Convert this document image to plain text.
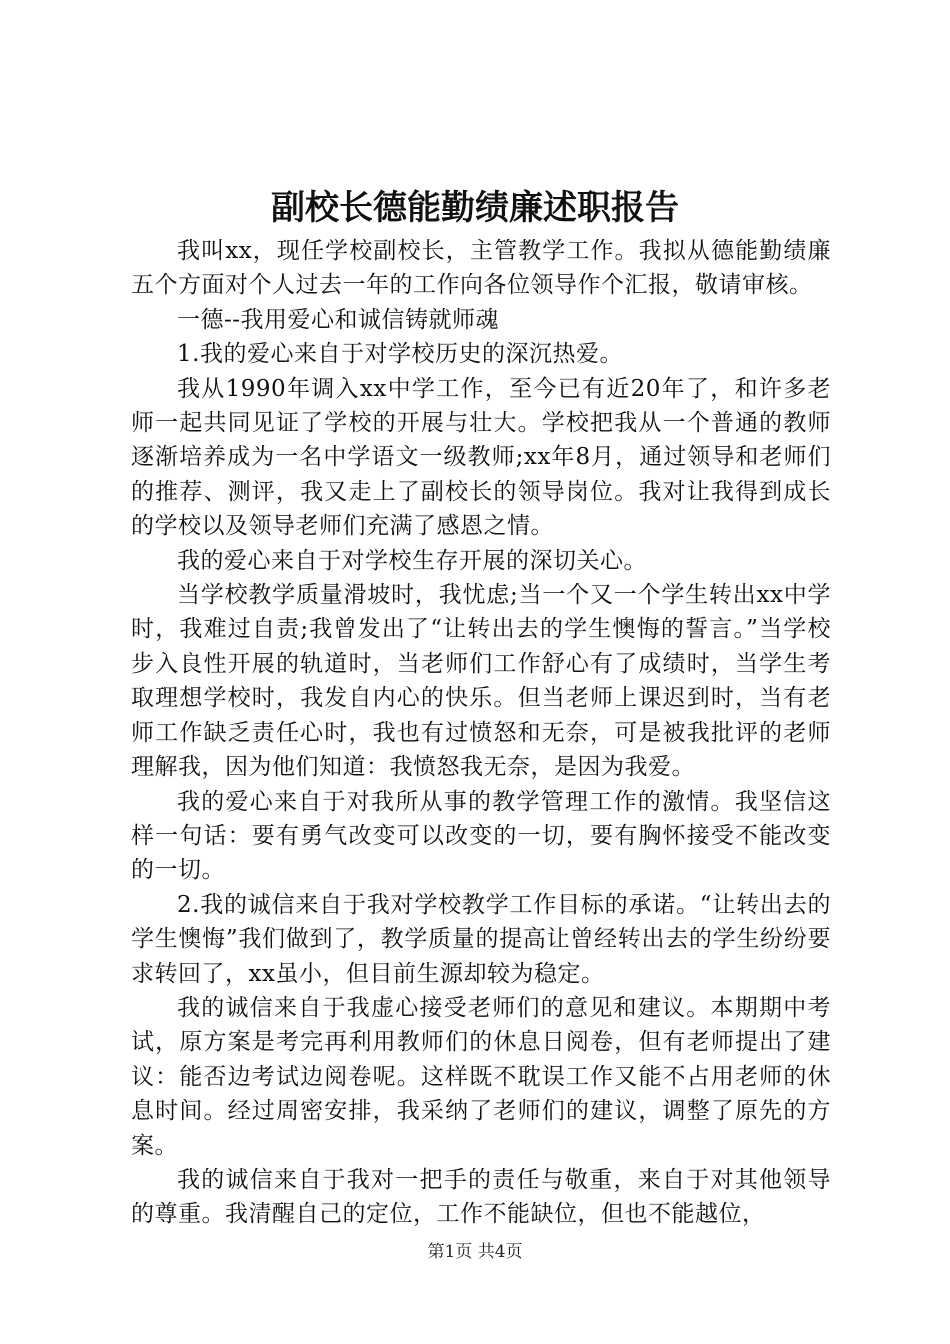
副校长德能勤绩廉述职报告

我叫xx，现任学校副校长，主管教学工作。我拟从德能勤绩廉五个方面对个人过去一年的工作向各位领导作个汇报，敬请审核。

一德--我用爱心和诚信铸就师魂

1.我的爱心来自于对学校历史的深沉热爱。

我从1990年调入xx中学工作，至今已有近20年了，和许多老师一起共同见证了学校的开展与壮大。学校把我从一个普通的教师逐渐培养成为一名中学语文一级教师;xx年8月，通过领导和老师们的推荐、测评，我又走上了副校长的领导岗位。我对让我得到成长的学校以及领导老师们充满了感恩之情。

我的爱心来自于对学校生存开展的深切关心。

当学校教学质量滑坡时，我忧虑;当一个又一个学生转出xx中学时，我难过自责;我曾发出了“让转出去的学生懊悔的誓言。”当学校步入良性开展的轨道时，当老师们工作舒心有了成绩时，当学生考取理想学校时，我发自内心的快乐。但当老师上课迟到时，当有老师工作缺乏责任心时，我也有过愤怒和无奈，可是被我批评的老师理解我，因为他们知道：我愤怒我无奈，是因为我爱。

我的爱心来自于对我所从事的教学管理工作的激情。我坚信这样一句话：要有勇气改变可以改变的一切，要有胸怀接受不能改变的一切。

2.我的诚信来自于我对学校教学工作目标的承诺。“让转出去的学生懊悔”我们做到了，教学质量的提高让曾经转出去的学生纷纷要求转回了，xx虽小，但目前生源却较为稳定。

我的诚信来自于我虚心接受老师们的意见和建议。本期期中考试，原方案是考完再利用教师们的休息日阅卷，但有老师提出了建议：能否边考试边阅卷呢。这样既不耽误工作又能不占用老师的休息时间。经过周密安排，我采纳了老师们的建议，调整了原先的方案。

我的诚信来自于我对一把手的责任与敬重，来自于对其他领导的尊重。我清醒自己的定位，工作不能缺位，但也不能越位，

第1页 共4页
